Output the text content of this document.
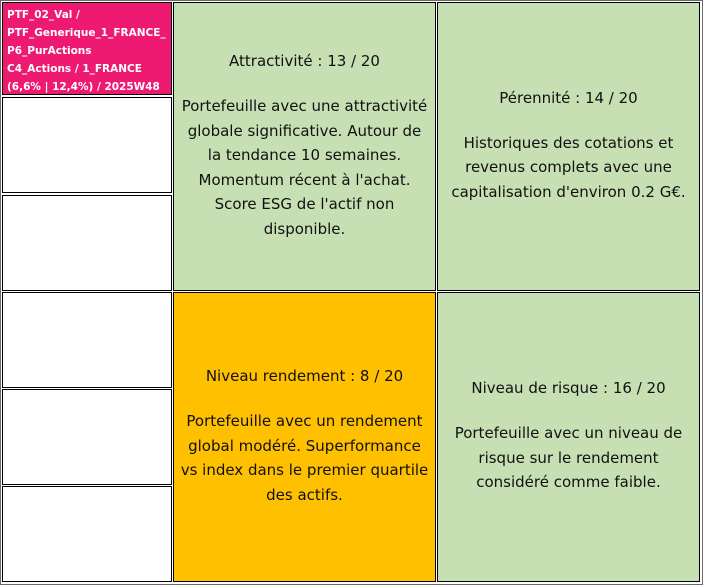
PTF_02_Val /
PTF_Generique_1_FRANCE_
P6_PurActions
C4_Actions / 1_FRANCE
(6,6% | 12,4%) / 2025W48
Attractivité : 13 / 20
Portefeuille avec une attractivité
globale significative. Autour de
la tendance 10 semaines.
Momentum récent à l'achat.
Score ESG de l'actif non
disponible.
Pérennité : 14 / 20
Historiques des cotations et
revenus complets avec une
capitalisation d'environ 0.2 G€.
Niveau rendement : 8 / 20
Portefeuille avec un rendement
global modéré. Superformance
vs index dans le premier quartile
des actifs.
Niveau de risque : 16 / 20
Portefeuille avec un niveau de
risque sur le rendement
considéré comme faible.
